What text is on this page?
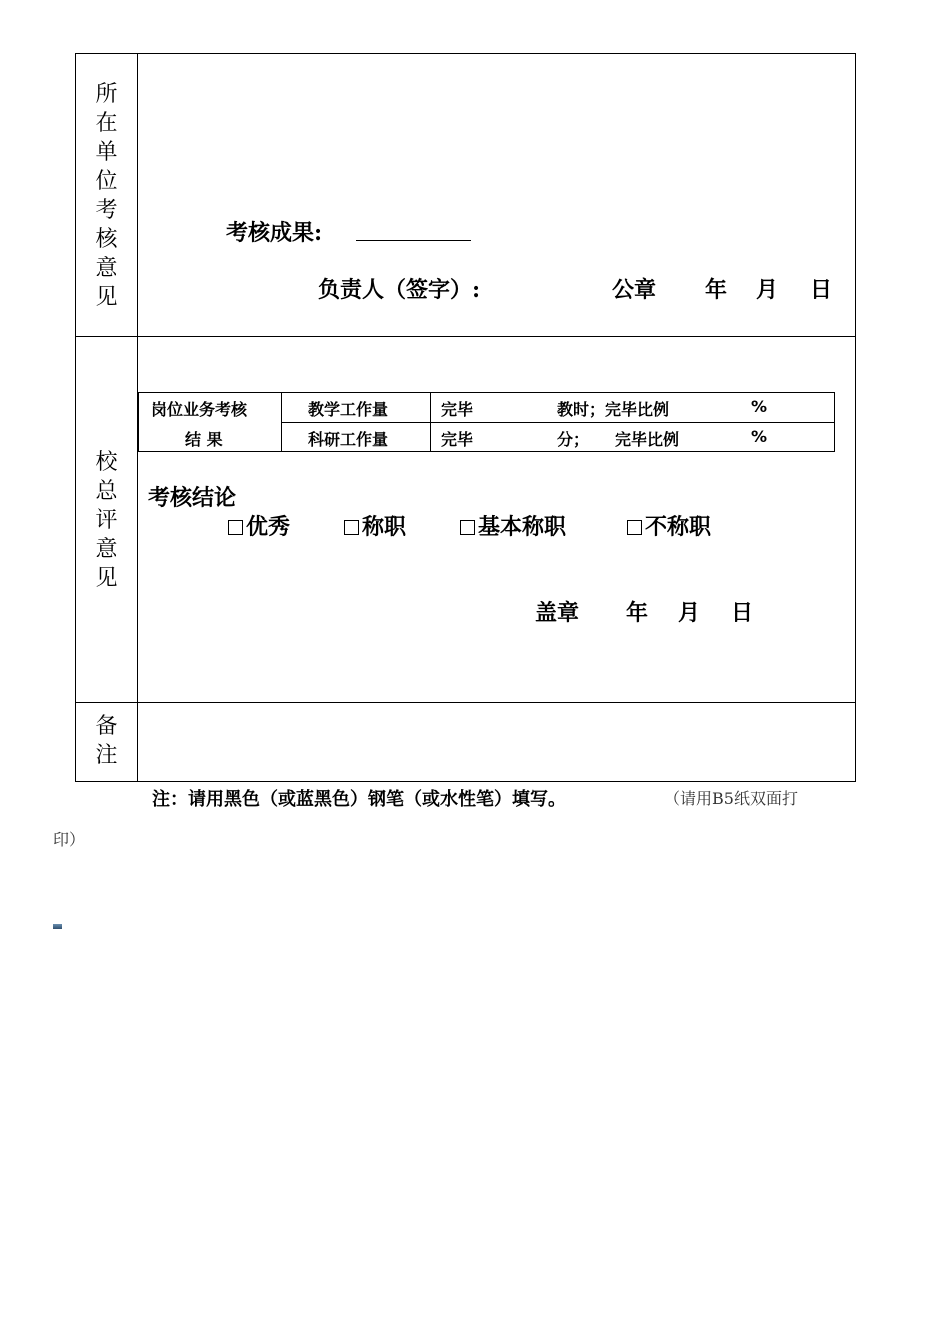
所
在
单
位
考
核
意
见
校
总
评
意
见
备
注
考核成果:
负责人（签字）:	公章 年 月 日
岗位业务考核
结 果	教学工作量	完毕 教时；完毕比例 %

	科研工作量	完毕 分； 完毕比例 %
考核结论
优秀	称职	基本称职	不称职
盖章 年 月 日
注：请用黑色（或蓝黑色）钢笔（或水性笔）填写。	（请用B5纸双面打
印）
